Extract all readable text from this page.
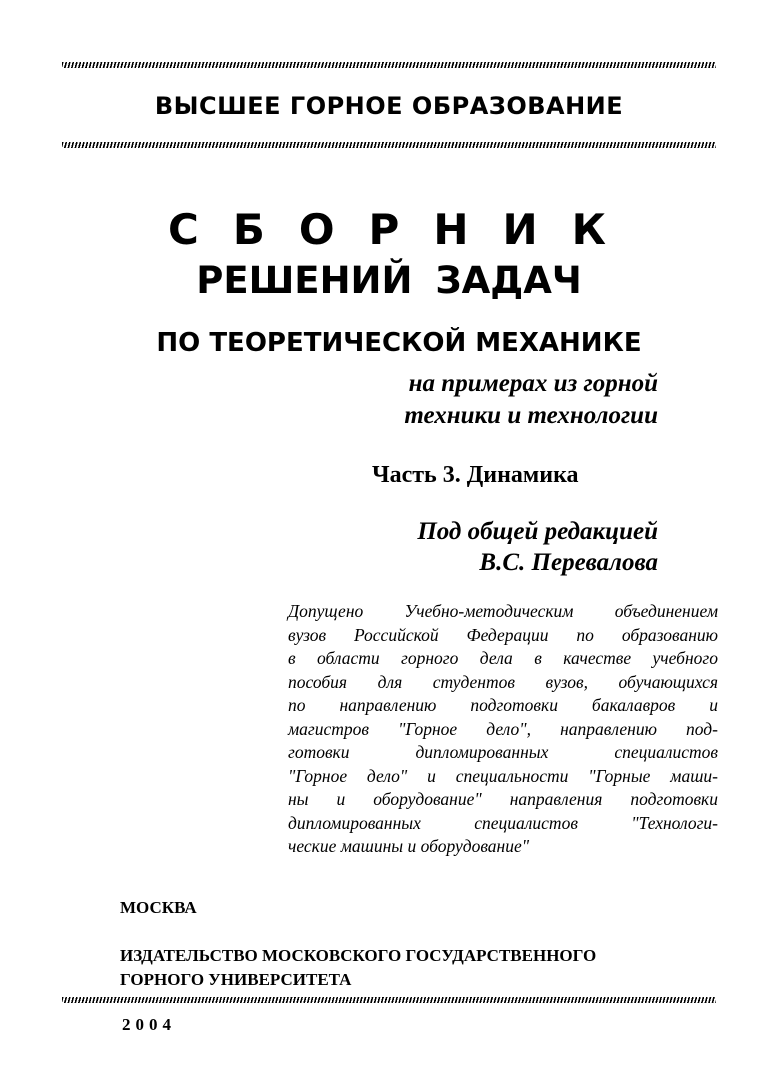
ВЫСШЕЕ ГОРНОЕ ОБРАЗОВАНИЕ
СБОРНИК
РЕШЕНИЙ ЗАДАЧ
ПО ТЕОРЕТИЧЕСКОЙ МЕХАНИКЕ
на примерах из горной
техники и технологии
Часть 3. Динамика
Под общей редакцией
В.С. Перевалова
Допущено Учебно-методическим объединением
вузов Российской Федерации по образованию
в области горного дела в качестве учебного
пособия для студентов вузов, обучающихся
по направлению подготовки бакалавров и
магистров "Горное дело", направлению под-
готовки дипломированных специалистов
"Горное дело" и специальности "Горные маши-
ны и оборудование" направления подготовки
дипломированных специалистов "Технологи-
ческие машины и оборудование"
МОСКВА
ИЗДАТЕЛЬСТВО МОСКОВСКОГО ГОСУДАРСТВЕННОГО
ГОРНОГО УНИВЕРСИТЕТА
2004
